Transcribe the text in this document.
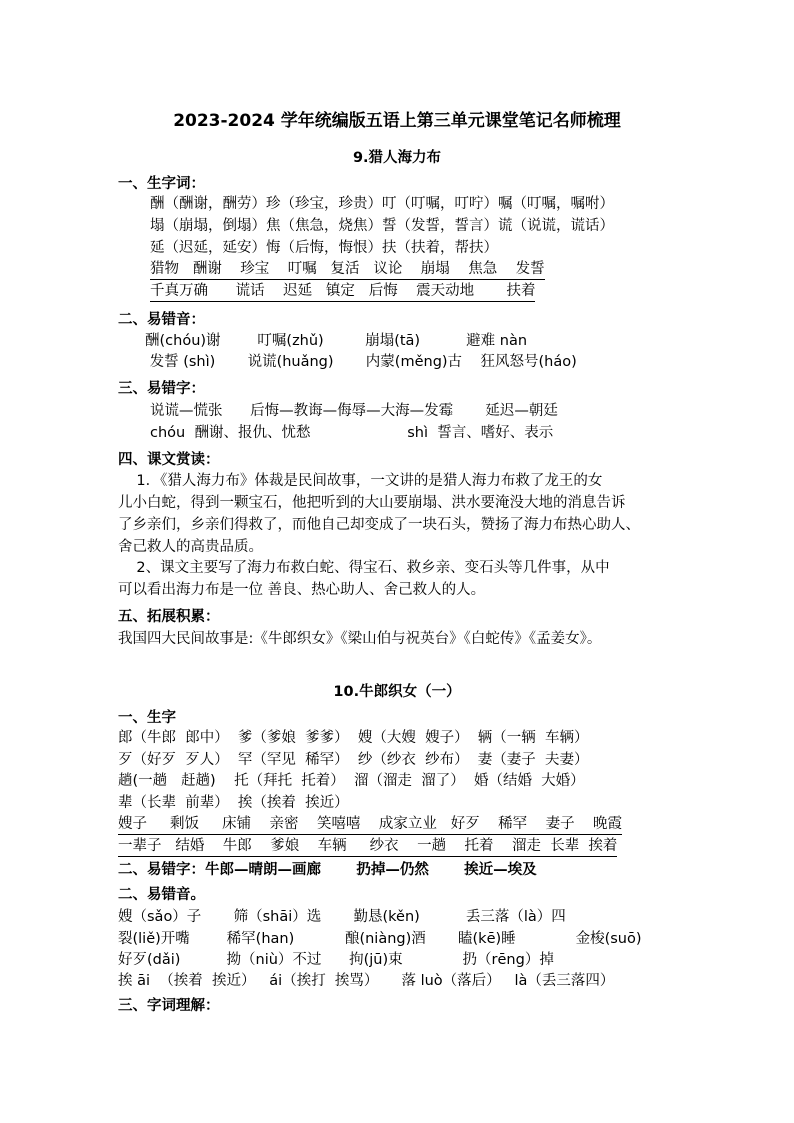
2023-2024 学年统编版五语上第三单元课堂笔记名师梳理
9.猎人海力布
一、生字词：
酬（酬谢，酬劳）珍（珍宝，珍贵）叮（叮嘱，叮咛）嘱（叮嘱，嘱咐）
塌（崩塌，倒塌）焦（焦急，烧焦）誓（发誓，誓言）谎（说谎，谎话）
延（迟延，延安）悔（后悔，悔恨）扶（扶着，帮扶）
猎物   酬谢    珍宝    叮嘱   复活   议论    崩塌    焦急    发誓
千真万确      谎话    迟延   镇定   后悔    震天动地       扶着
二、易错音：
酬(chóu)谢        叮嘱(zhǔ)         崩塌(tā)          避难 nàn
发誓 (shì)       说谎(huǎng)       内蒙(měng)古    狂风怒号(háo)
三、易错字：
说谎—慌张      后悔—教诲—侮辱—大海—发霉       延迟—朝廷
chóu  酬谢、报仇、忧愁                     shì  誓言、嗜好、表示
四、课文赏读：
1．《猎人海力布》体裁是民间故事，一文讲的是猎人海力布救了龙王的女
儿小白蛇，得到一颗宝石，他把听到的大山要崩塌、洪水要淹没大地的消息告诉
了乡亲们，乡亲们得救了，而他自己却变成了一块石头，赞扬了海力布热心助人、
舍己救人的高贵品质。
2、课文主要写了海力布救白蛇、得宝石、救乡亲、变石头等几件事，从中
可以看出海力布是一位 善良、热心助人、舍己救人的人。
五、拓展积累：
我国四大民间故事是:《牛郎织女》《梁山伯与祝英台》《白蛇传》《孟姜女》。
10.牛郎织女（一）
一、生字
郎（牛郎  郎中）  爹（爹娘  爹爹）  嫂（大嫂  嫂子）  辆（一辆  车辆）
歹（好歹  歹人）  罕（罕见  稀罕）  纱（纱衣  纱布）  妻（妻子  夫妻）
趟(一趟   赶趟)    托（拜托  托着）  溜（溜走  溜了）  婚（结婚  大婚）
辈（长辈  前辈）  挨（挨着  挨近）
嫂子     剩饭     床铺    亲密    笑嘻嘻    成家立业   好歹    稀罕    妻子    晚霞
一辈子   结婚    牛郎    爹娘    车辆     纱衣    一趟    托着    溜走  长辈  挨着
二、易错字：牛郎—晴朗—画廊       扔掉—仍然       挨近—埃及
二、易错音。
嫂（sǎo）子       筛（shāi）选       勤恳(kěn)          丢三落（là）四
裂(liě)开嘴        稀罕(han)           酿(niàng)酒       瞌(kē)睡             金梭(suō)
好歹(dǎi)          拗（niù）不过      拘(jū)束             扔（rēng）掉
挨 āi  （挨着  挨近）   ái（挨打  挨骂）     落 luò（落后）   là（丢三落四）
三、字词理解：
